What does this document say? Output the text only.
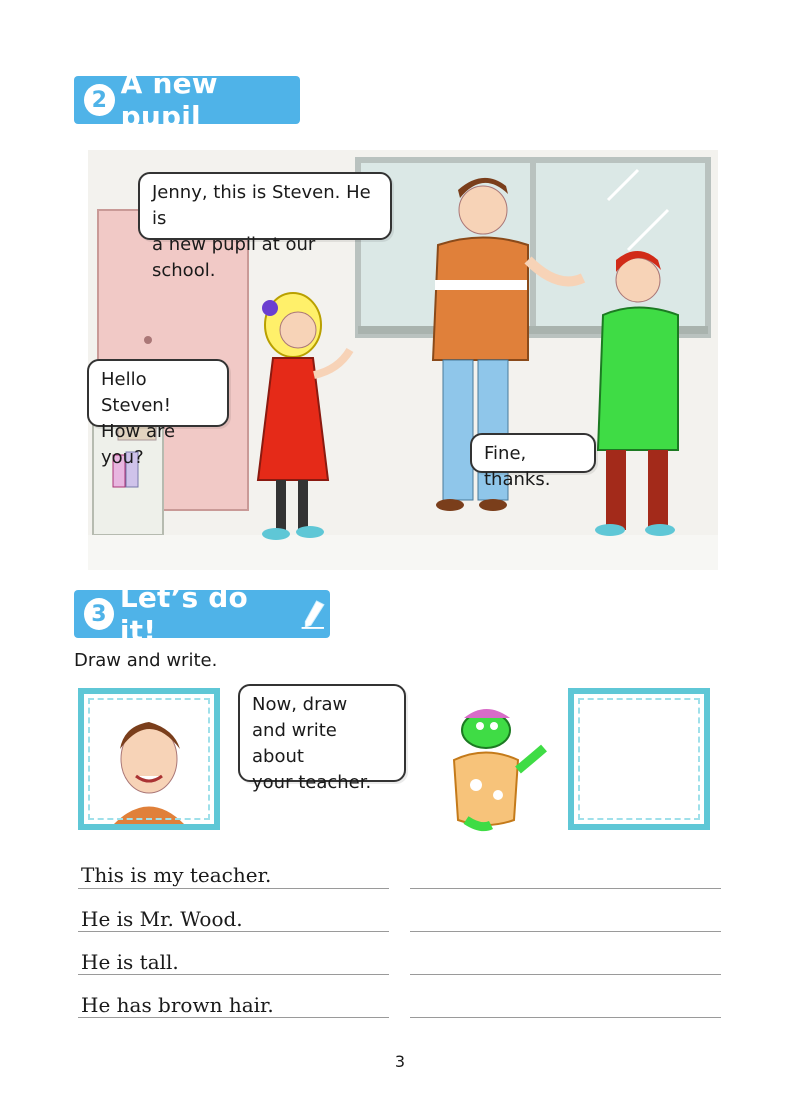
2 A new pupil
Jenny, this is Steven. He is
a new pupil at our school.
Hello Steven!
How are you?	Fine, thanks.
3 Let’s do it!
Draw and write.
Now, draw
and write about
your teacher.
This is my teacher.
He is Mr. Wood.
He is tall.
He has brown hair.
3
